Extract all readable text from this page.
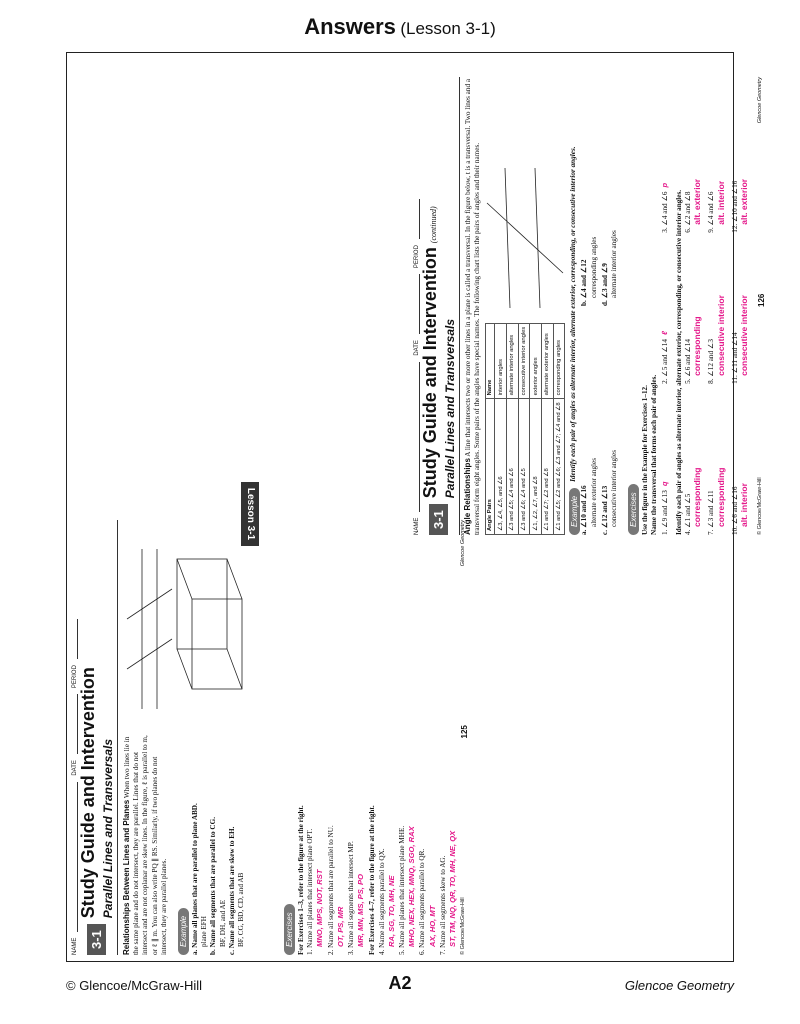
Answers (Lesson 3-1)
NAME
DATE
PERIOD
3-1
Study Guide and Intervention Parallel Lines and Transversals Relationships Between Lines and Planes When two lines lie in the same plane and do not intersect, they are parallel. Lines that do not intersect and are not coplanar are skew lines. In the figure, ℓ is parallel to m, or ℓ ∥ m. You can also write PQ ∥ RS. Similarly, if two planes do not intersect, they are parallel planes.	Example a. Name all planes that are parallel to plane ABD. plane EFH b. Name all segments that are parallel to CG. BF, DH, and AE c. Name all segments that are skew to EH. BF, CG, BD, CD, and AB	Exercises For Exercises 1–3, refer to the figure at the right. 1. Name all planes that intersect plane OPT. MNO, MPS, NOT, RST 2. Name all segments that are parallel to NU. OT, PS, MR 3. Name all segments that intersect MP. MR, MN, MS, PS, PO For Exercises 4–7, refer to the figure at the right. 4. Name all segments parallel to QX. RA, SG, TO, MH, NE 5. Name all planes that intersect plane MHE. MHO, NEX, HEX, MNQ, SGO, RAX 6. Name all segments parallel to QR. AX, HO, MT 7. Name all segments skew to AG. ST, TM, NQ, QR, TO, MH, NE, QX © Glencoe/McGraw-Hill
125
Glencoe Geometry
NAME
DATE
PERIOD
3-1
Study Guide and Intervention (continued)
Parallel Lines and Transversals Angle Relationships A line that intersects two or more other lines in a plane is called a transversal. In the figure below, t is a transversal. Two lines and a transversal form eight angles. Some pairs of the angles have special names. The following chart lists the pairs of angles and their names. Angle Pairs	Name
∠3, ∠4, ∠5, and ∠6	interior angles
∠3 and ∠5; ∠4 and ∠6	alternate interior angles
∠3 and ∠6; ∠4 and ∠5	consecutive interior angles
∠1, ∠2, ∠7, and ∠8	exterior angles
∠1 and ∠7; ∠2 and ∠8	alternate exterior angles
∠1 and ∠5; ∠2 and ∠6; ∠3 and ∠7; ∠4 and ∠8	corresponding angles
Example
Identify each pair of angles as alternate interior, alternate exterior, corresponding, or consecutive interior angles.
a. ∠10 and ∠16 alternate exterior angles
b. ∠4 and ∠12 corresponding angles
c. ∠12 and ∠13 consecutive interior angles
d. ∠3 and ∠9 alternate interior angles
Exercises Use the figure in the Example for Exercises 1–12. Name the transversal that forms each pair of angles. 1. ∠9 and ∠13q
2. ∠5 and ∠14ℓ
3. ∠4 and ∠6p
Identify each pair of angles as alternate interior, alternate exterior, corresponding, or consecutive interior angles. 4. ∠1 and ∠5 corresponding
5. ∠6 and ∠14 corresponding
6. ∠2 and ∠8 alt. exterior
7. ∠3 and ∠11 corresponding
8. ∠12 and ∠3 consecutive interior
9. ∠4 and ∠6 alt. interior
10. ∠6 and ∠16 alt. interior
11. ∠11 and ∠14 consecutive interior
12. ∠10 and ∠16 alt. exterior
© Glencoe/McGraw-Hill
126
Glencoe Geometry
Lesson 3-1
© Glencoe/McGraw-Hill	A2	Glencoe Geometry
